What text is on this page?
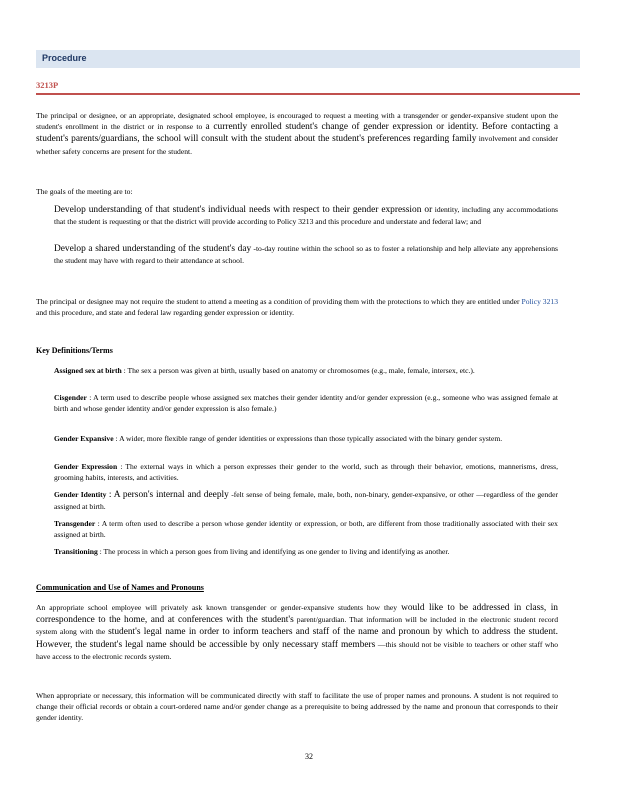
Procedure
3213P
The principal or designee, or an appropriate, designated school employee, is encouraged to request a meeting with a transgender or gender-expansive student upon the student's enrollment in the district or in response to a currently enrolled student's change of gender expression or identity. Before contacting a student's parents/guardians, the school will consult with the student about the student's preferences regarding family involvement and consider whether safety concerns are present for the student.
The goals of the meeting are to:
Develop understanding of that student's individual needs with respect to their gender expression or identity, including any accommodations that the student is requesting or that the district will provide according to Policy 3213 and this procedure and understate and federal law; and
Develop a shared understanding of the student's day -to-day routine within the school so as to foster a relationship and help alleviate any apprehensions the student may have with regard to their attendance at school.
The principal or designee may not require the student to attend a meeting as a condition of providing them with the protections to which they are entitled under Policy 3213 and this procedure, and state and federal law regarding gender expression or identity.
Key Definitions/Terms
Assigned sex at birth : The sex a person was given at birth, usually based on anatomy or chromosomes (e.g., male, female, intersex, etc.).
Cisgender : A term used to describe people whose assigned sex matches their gender identity and/or gender expression (e.g., someone who was assigned female at birth and whose gender identity and/or gender expression is also female.)
Gender Expansive : A wider, more flexible range of gender identities or expressions than those typically associated with the binary gender system.
Gender Expression : The external ways in which a person expresses their gender to the world, such as through their behavior, emotions, mannerisms, dress, grooming habits, interests, and activities.
Gender Identity : A person's internal and deeply -felt sense of being female, male, both, non-binary, gender-expansive, or other —regardless of the gender assigned at birth.
Transgender : A term often used to describe a person whose gender identity or expression, or both, are different from those traditionally associated with their sex assigned at birth.
Transitioning : The process in which a person goes from living and identifying as one gender to living and identifying as another.
Communication and Use of Names and Pronouns
An appropriate school employee will privately ask known transgender or gender-expansive students how they would like to be addressed in class, in correspondence to the home, and at conferences with the student's parent/guardian. That information will be included in the electronic student record system along with the student's legal name in order to inform teachers and staff of the name and pronoun by which to address the student. However, the student's legal name should be accessible by only necessary staff members —this should not be visible to teachers or other staff who have access to the electronic records system.
When appropriate or necessary, this information will be communicated directly with staff to facilitate the use of proper names and pronouns. A student is not required to change their official records or obtain a court-ordered name and/or gender change as a prerequisite to being addressed by the name and pronoun that corresponds to their gender identity.
32
